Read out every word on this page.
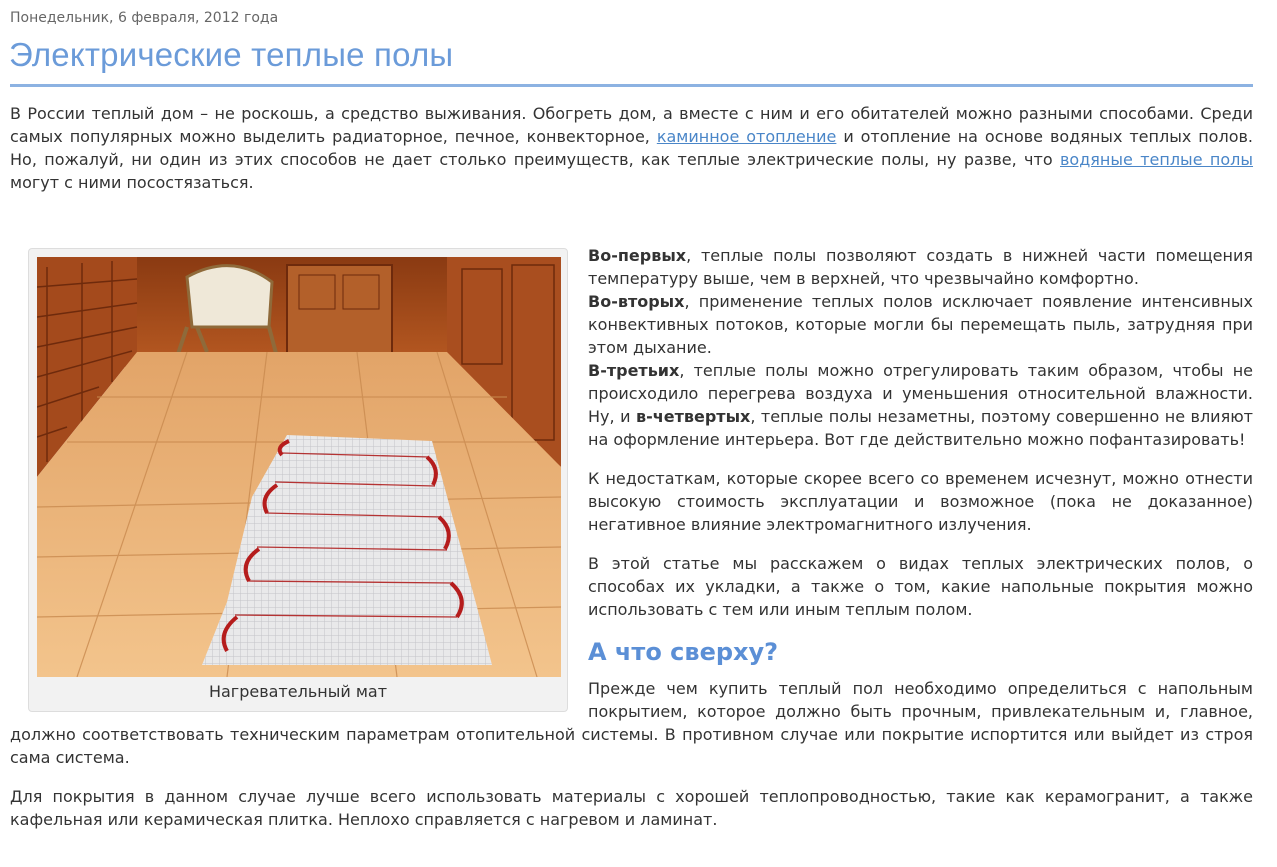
Понедельник, 6 февраля, 2012 года
Электрические теплые полы

В России теплый дом – не роскошь, а средство выживания. Обогреть дом, а вместе с ним и его обитателей можно разными способами. Среди самых популярных можно выделить радиаторное, печное, конвекторное, каминное отопление и отопление на основе водяных теплых полов. Но, пожалуй, ни один из этих способов не дает столько преимуществ, как теплые электрические полы, ну разве, что водяные теплые полы могут с ними посостязаться.

Нагревательный мат

Во-первых, теплые полы позволяют создать в нижней части помещения температуру выше, чем в верхней, что чрезвычайно комфортно.

Во-вторых, применение теплых полов исключает появление интенсивных конвективных потоков, которые могли бы перемещать пыль, затрудняя при этом дыхание.

В-третьих, теплые полы можно отрегулировать таким образом, чтобы не происходило перегрева воздуха и уменьшения относительной влажности. Ну, и в-четвертых, теплые полы незаметны, поэтому совершенно не влияют на оформление интерьера. Вот где действительно можно пофантазировать!

К недостаткам, которые скорее всего со временем исчезнут, можно отнести высокую стоимость эксплуатации и возможное (пока не доказанное) негативное влияние электромагнитного излучения.

В этой статье мы расскажем о видах теплых электрических полов, о способах их укладки, а также о том, какие напольные покрытия можно использовать с тем или иным теплым полом.

А что сверху?

Прежде чем купить теплый пол необходимо определиться с напольным покрытием, которое должно быть прочным, привлекательным и, главное, должно соответствовать техническим параметрам отопительной системы. В противном случае или покрытие испортится или выйдет из строя сама система.

Для покрытия в данном случае лучше всего использовать материалы с хорошей теплопроводностью, такие как керамогранит, а также кафельная или керамическая плитка. Неплохо справляется с нагревом и ламинат.
